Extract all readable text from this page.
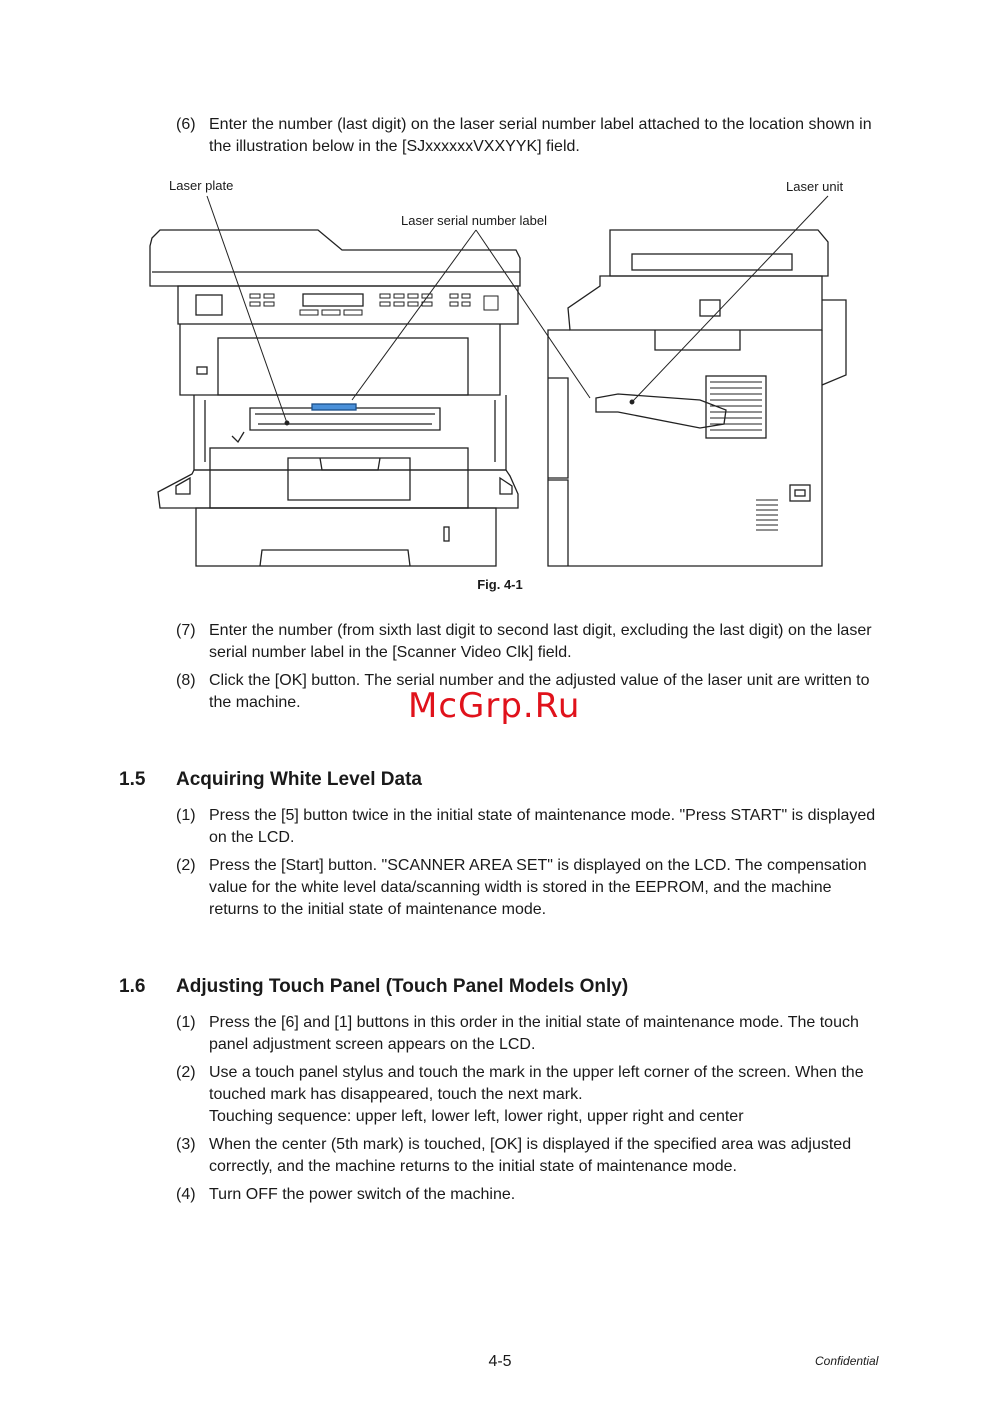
(6) Enter the number (last digit) on the laser serial number label attached to the location shown in the illustration below in the [SJxxxxxxVXXYYK] field.
Laser plate	Laser unit
Laser serial number label
Fig. 4-1
(7) Enter the number (from sixth last digit to second last digit, excluding the last digit) on the laser serial number label in the [Scanner Video Clk] field.
(8) Click the [OK] button. The serial number and the adjusted value of the laser unit are written to the machine.	McGrp.Ru
1.5 Acquiring White Level Data
(1) Press the [5] button twice in the initial state of maintenance mode. "Press START" is displayed on the LCD.
(2) Press the [Start] button. "SCANNER AREA SET" is displayed on the LCD. The compensation value for the white level data/scanning width is stored in the EEPROM, and the machine returns to the initial state of maintenance mode.
1.6 Adjusting Touch Panel (Touch Panel Models Only)
(1) Press the [6] and [1] buttons in this order in the initial state of maintenance mode. The touch panel adjustment screen appears on the LCD.
(2) Use a touch panel stylus and touch the mark in the upper left corner of the screen. When the touched mark has disappeared, touch the next mark.
Touching sequence: upper left, lower left, lower right, upper right and center
(3) When the center (5th mark) is touched, [OK] is displayed if the specified area was adjusted correctly, and the machine returns to the initial state of maintenance mode.
(4) Turn OFF the power switch of the machine.
4-5	Confidential
